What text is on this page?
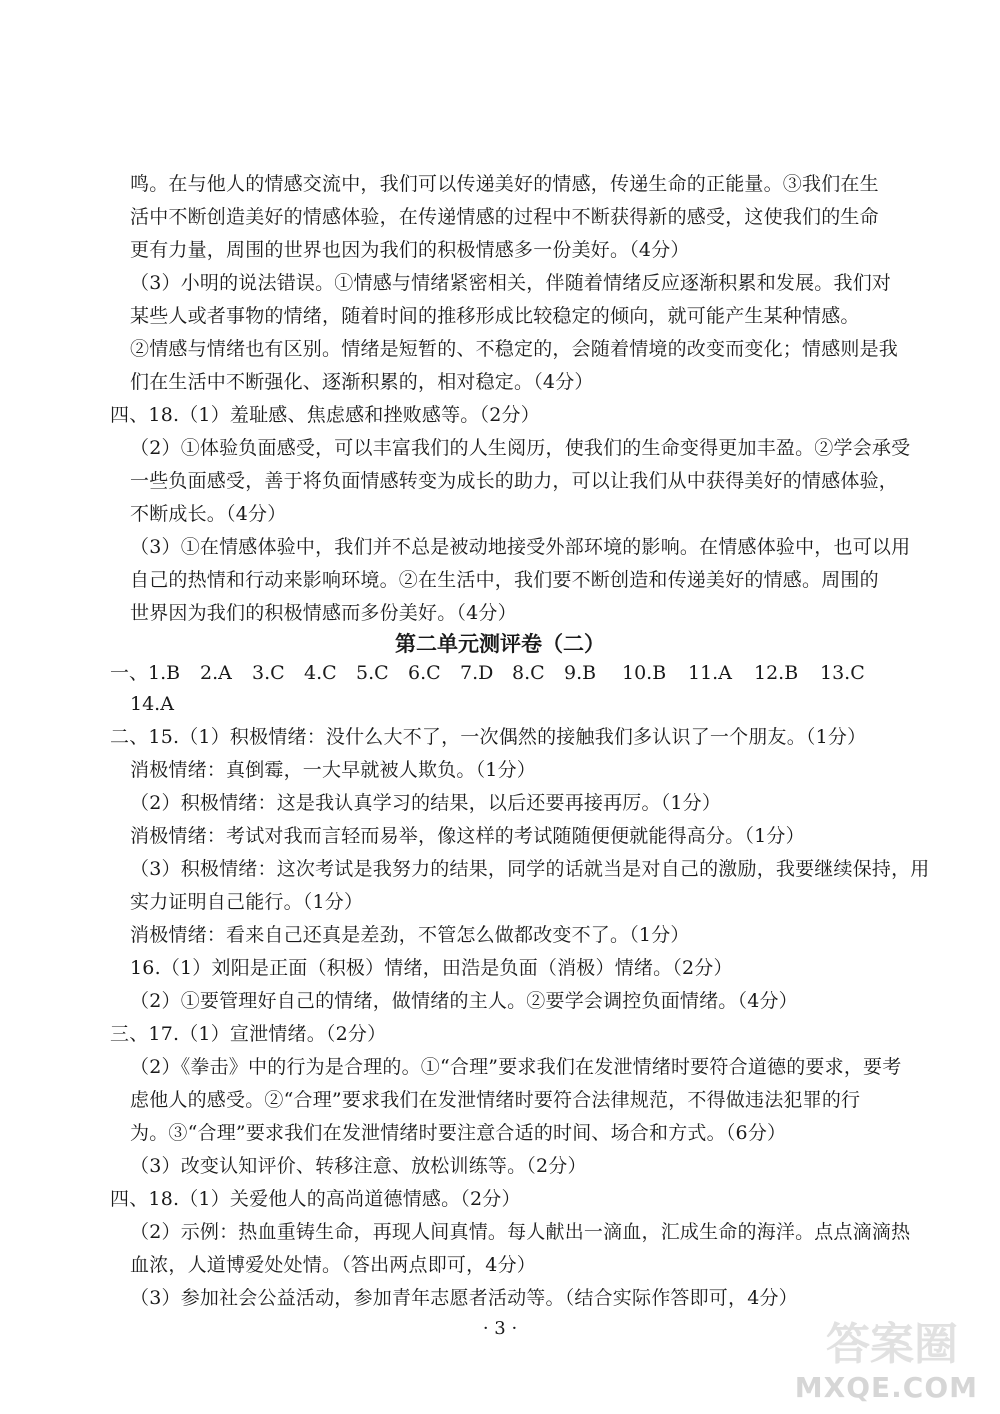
鸣。在与他人的情感交流中，我们可以传递美好的情感，传递生命的正能量。③我们在生
活中不断创造美好的情感体验，在传递情感的过程中不断获得新的感受，这使我们的生命
更有力量，周围的世界也因为我们的积极情感多一份美好。（4分）
（3）小明的说法错误。①情感与情绪紧密相关，伴随着情绪反应逐渐积累和发展。我们对
某些人或者事物的情绪，随着时间的推移形成比较稳定的倾向，就可能产生某种情感。
②情感与情绪也有区别。情绪是短暂的、不稳定的，会随着情境的改变而变化；情感则是我
们在生活中不断强化、逐渐积累的，相对稳定。（4分）
四、18.（1）羞耻感、焦虑感和挫败感等。（2分）
（2）①体验负面感受，可以丰富我们的人生阅历，使我们的生命变得更加丰盈。②学会承受
一些负面感受，善于将负面情感转变为成长的助力，可以让我们从中获得美好的情感体验，
不断成长。（4分）
（3）①在情感体验中，我们并不总是被动地接受外部环境的影响。在情感体验中，也可以用
自己的热情和行动来影响环境。②在生活中，我们要不断创造和传递美好的情感。周围的
世界因为我们的积极情感而多份美好。（4分）
第二单元测评卷（二）
一、 1.B 2.A 3.C 4.C 5.C 6.C 7.D 8.C 9.B 10.B 11.A 12.B 13.C
14.A
二、15.（1）积极情绪：没什么大不了，一次偶然的接触我们多认识了一个朋友。（1分）
消极情绪：真倒霉，一大早就被人欺负。（1分）
（2）积极情绪：这是我认真学习的结果，以后还要再接再厉。（1分）
消极情绪：考试对我而言轻而易举，像这样的考试随随便便就能得高分。（1分）
（3）积极情绪：这次考试是我努力的结果，同学的话就当是对自己的激励，我要继续保持，用
实力证明自己能行。（1分）
消极情绪：看来自己还真是差劲，不管怎么做都改变不了。（1分）
16.（1）刘阳是正面（积极）情绪，田浩是负面（消极）情绪。（2分）
（2）①要管理好自己的情绪，做情绪的主人。②要学会调控负面情绪。（4分）
三、17.（1）宣泄情绪。（2分）
（2）《拳击》中的行为是合理的。①“合理”要求我们在发泄情绪时要符合道德的要求，要考
虑他人的感受。②“合理”要求我们在发泄情绪时要符合法律规范，不得做违法犯罪的行
为。③“合理”要求我们在发泄情绪时要注意合适的时间、场合和方式。（6分）
（3）改变认知评价、转移注意、放松训练等。（2分）
四、18.（1）关爱他人的高尚道德情感。（2分）
（2）示例：热血重铸生命，再现人间真情。每人献出一滴血，汇成生命的海洋。点点滴滴热
血浓，人道博爱处处情。（答出两点即可，4分）
（3）参加社会公益活动，参加青年志愿者活动等。（结合实际作答即可，4分）
· 3 ·	答案圈
MXQE.COM
